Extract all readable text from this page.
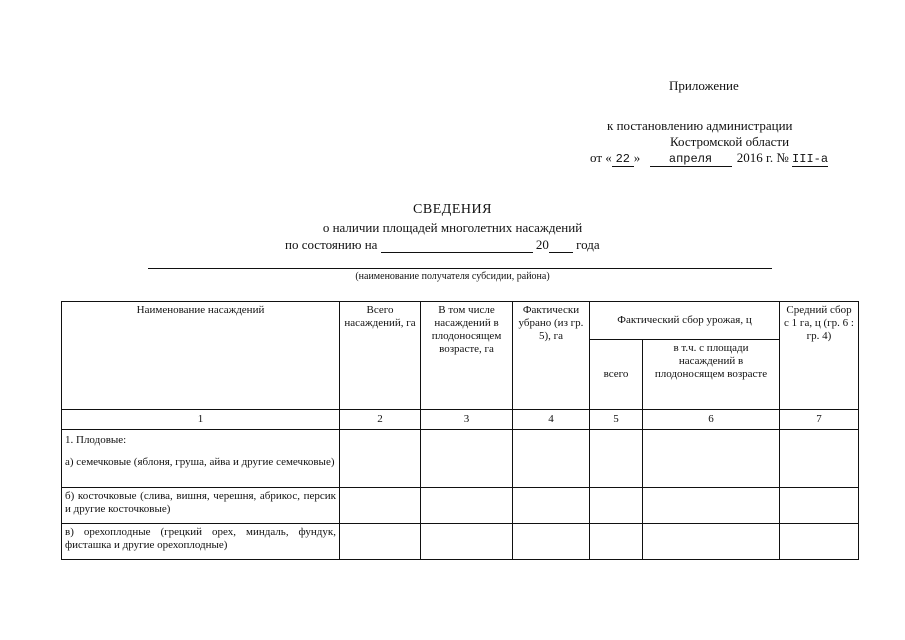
Приложение
к постановлению администрации
Костромской области
от « 22 » апреля 2016 г. № III-а
СВЕДЕНИЯ
о наличии площадей многолетних насаждений
по состоянию на	20 года
(наименование получателя субсидии, района)
Наименование насаждений	Всего насаждений, га	В том числе насаждений в плодоносящем возрасте, га	Фактически убрано (из гр. 5), га	Фактический сбор урожая, ц		Средний сбор с 1 га, ц (гр. 6 : гр. 4)
				всего	в т.ч. с площади насаждений в плодоносящем возрасте	
1	2	3	4	5	6	7

1. Плодовые:
а) семечковые (яблоня, груша, айва и другие семечковые)						

б) косточковые (слива, вишня, черешня, абрикос, персик и другие косточковые)						
в) орехоплодные (грецкий орех, миндаль, фундук, фисташка и другие орехоплодные)						
